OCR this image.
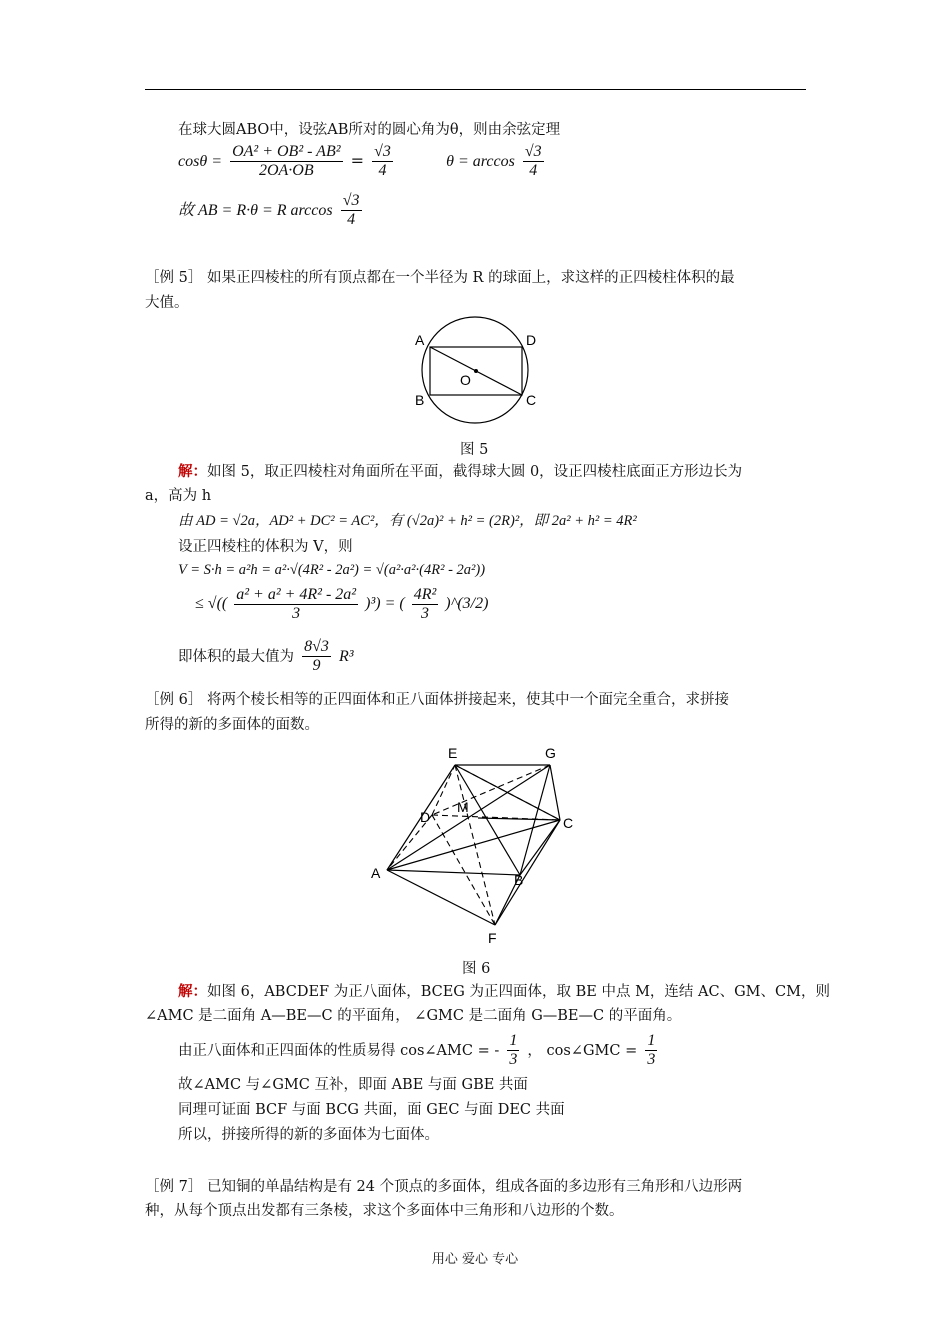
在球大圆ABO中，设弦AB所对的圆心角为θ，则由余弦定理
$\cos\theta = \frac{\text{OA² + OB² - AB²}}{2OA\cdot OB} = \frac{√3}{4}$	$\theta = \arccos \frac{√3}{4}$
故 AB = R·θ = R $\arccos \frac{√3}{4}$
［例 5］ 如果正四棱柱的所有顶点都在一个半径为 R 的球面上，求这样的正四棱柱体积的最
大值。
A	D
B	C
O
图 5
解：如图 5，取正四棱柱对角面所在平面，截得球大圆 0，设正四棱柱底面正方形边长为
a，高为 h
由 AD = √2a，AD² + DC² = AC²，有 (√2a)² + h² = (2R)²，即 2a² + h² = 4R²
设正四棱柱的体积为 V，则
V = S·h = a²h = a²·√(4R² - 2a²) = √(a²·a²·(4R² - 2a²))
≤ √(( $\frac{\text{a² + a² + 4R² - 2a²}}{3} )^3$) = ( $\frac{\text{4R²}}{3}$ )^(3/2)
即体积的最大值为 $\frac{8√3}{9} R^3$
［例 6］ 将两个棱长相等的正四面体和正八面体拼接起来，使其中一个面完全重合，求拼接
所得的新的多面体的面数。
E	G
D
M
C
A	B
F
图 6
解：如图 6，ABCDEF 为正八面体，BCEG 为正四面体，取 BE 中点 M，连结 AC、GM、CM，则
∠AMC 是二面角 A—BE—C 的平面角， ∠GMC 是二面角 G—BE—C 的平面角。
由正八面体和正四面体的性质易得 cos∠AMC = - $\frac{1}{3}$ ， cos∠GMC = $\frac{1}{3}$
故∠AMC 与∠GMC 互补，即面 ABE 与面 GBE 共面
同理可证面 BCF 与面 BCG 共面，面 GEC 与面 DEC 共面
所以，拼接所得的新的多面体为七面体。
［例 7］ 已知铜的单晶结构是有 24 个顶点的多面体，组成各面的多边形有三角形和八边形两
种，从每个顶点出发都有三条棱，求这个多面体中三角形和八边形的个数。
用心 爱心 专心
